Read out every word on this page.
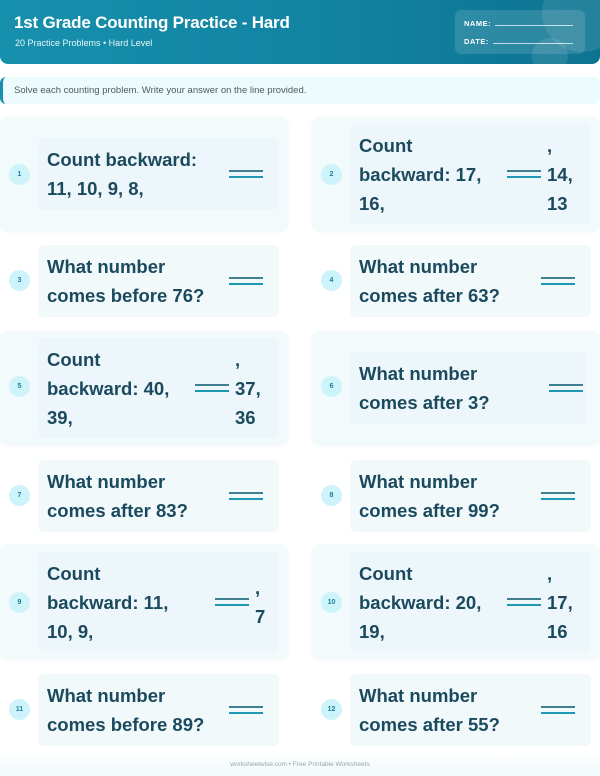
1st Grade Counting Practice - Hard
20 Practice Problems • Hard Level
NAME:
DATE:
Solve each counting problem. Write your answer on the line provided.
1
Count backward: 11, 10, 9, 8,
2
Count backward: 17, 16,
, 14, 13
3
What number comes before 76?
4
What number comes after 63?
5
Count backward: 40, 39,
, 37, 36
6
What number comes after 3?
7
What number comes after 83?
8
What number comes after 99?
9
Count backward: 11, 10, 9,
, 7
10
Count backward: 20, 19,
, 17, 16
11
What number comes before 89?
12
What number comes after 55?
worksheetwise.com • Free Printable Worksheets
